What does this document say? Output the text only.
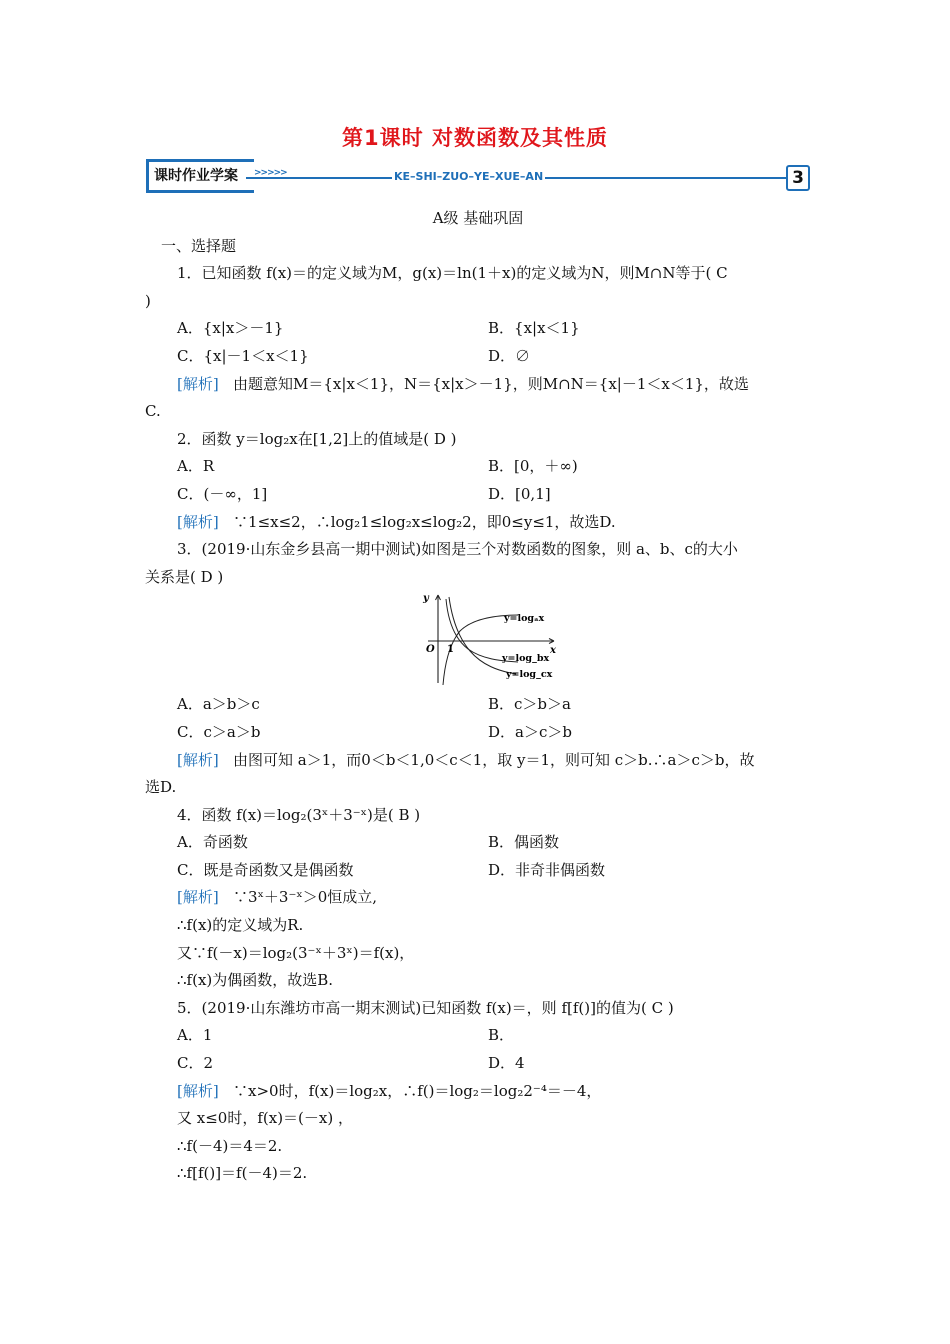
第1课时 对数函数及其性质
课时作业学案 >>>>>	KE–SHI–ZUO–YE–XUE–AN	3
A级 基础巩固
一、选择题
1．已知函数 f(x)＝的定义域为M，g(x)＝ln(1＋x)的定义域为N，则M∩N等于( C
)
A．{x|x＞－1}	B．{x|x＜1}
C．{x|－1＜x＜1}	D．∅
[解析] 由题意知M＝{x|x＜1}，N＝{x|x＞－1}，则M∩N＝{x|－1＜x＜1}，故选
C.
2．函数 y＝log₂x在[1,2]上的值域是( D )
A．R	B．[0，＋∞)
C．(－∞，1]	D．[0,1]
[解析] ∵1≤x≤2，∴log₂1≤log₂x≤log₂2，即0≤y≤1，故选D.
3．(2019·山东金乡县高一期中测试)如图是三个对数函数的图象，则 a、b、c的大小
关系是( D )
y
x
O 1
y=logₐx
y=log_bx
y=log_cx
A．a＞b＞c	B．c＞b＞a
C．c＞a＞b	D．a＞c＞b
[解析] 由图可知 a＞1，而0＜b＜1,0＜c＜1，取 y＝1，则可知 c＞b.∴a＞c＞b，故
选D.
4．函数 f(x)＝log₂(3ˣ＋3⁻ˣ)是( B )
A．奇函数	B．偶函数
C．既是奇函数又是偶函数	D．非奇非偶函数
[解析] ∵3ˣ＋3⁻ˣ＞0恒成立,
∴f(x)的定义域为R.
又∵f(－x)＝log₂(3⁻ˣ＋3ˣ)＝f(x)，
∴f(x)为偶函数，故选B.
5．(2019·山东潍坊市高一期末测试)已知函数 f(x)＝，则 f[f()]的值为( C )
A．1	B．
C．2	D．4
[解析] ∵x>0时，f(x)＝log₂x，∴f()＝log₂＝log₂2⁻⁴＝－4，
又 x≤0时，f(x)＝(－x) ，
∴f(－4)＝4＝2.
∴f[f()]＝f(－4)＝2.
